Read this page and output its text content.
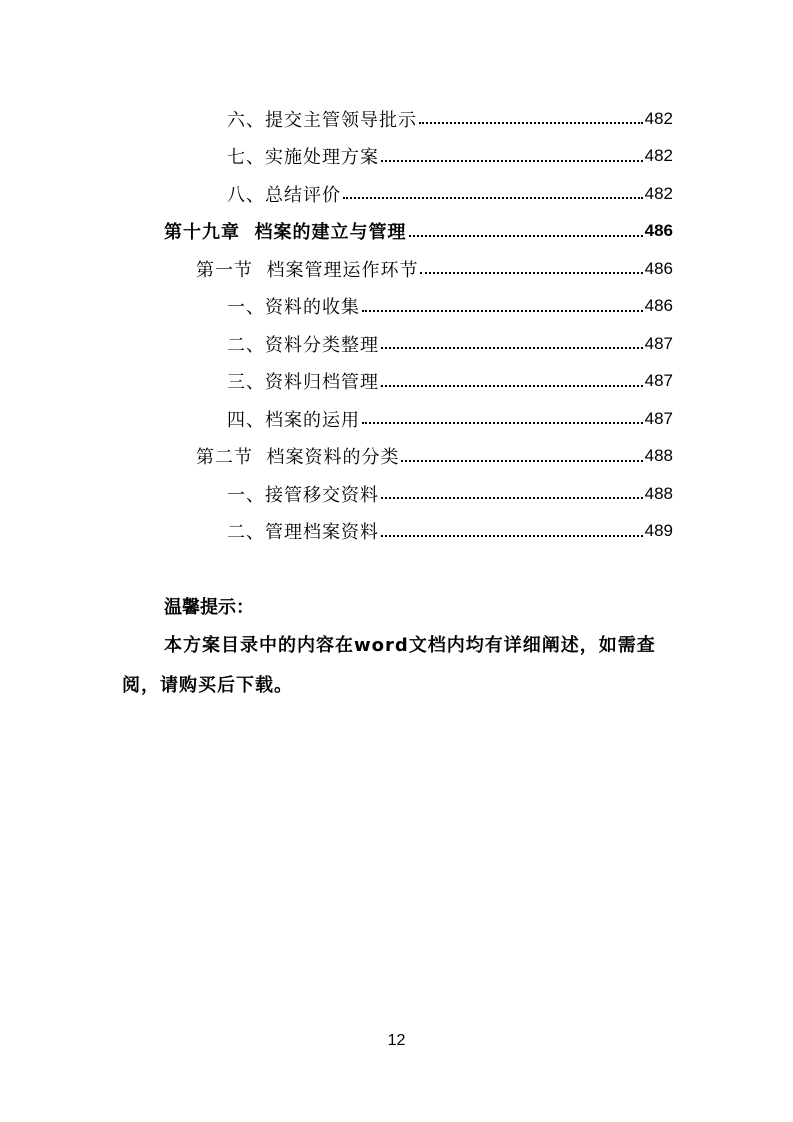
六、提交主管领导批示	482
七、实施处理方案	482
八、总结评价	482
第十九章  档案的建立与管理	486
第一节  档案管理运作环节	486
一、资料的收集	486
二、资料分类整理	487
三、资料归档管理	487
四、档案的运用	487
第二节  档案资料的分类	488
一、接管移交资料	488
二、管理档案资料	489
温馨提示：
本方案目录中的内容在word文档内均有详细阐述，如需查阅，请购买后下载。
12
